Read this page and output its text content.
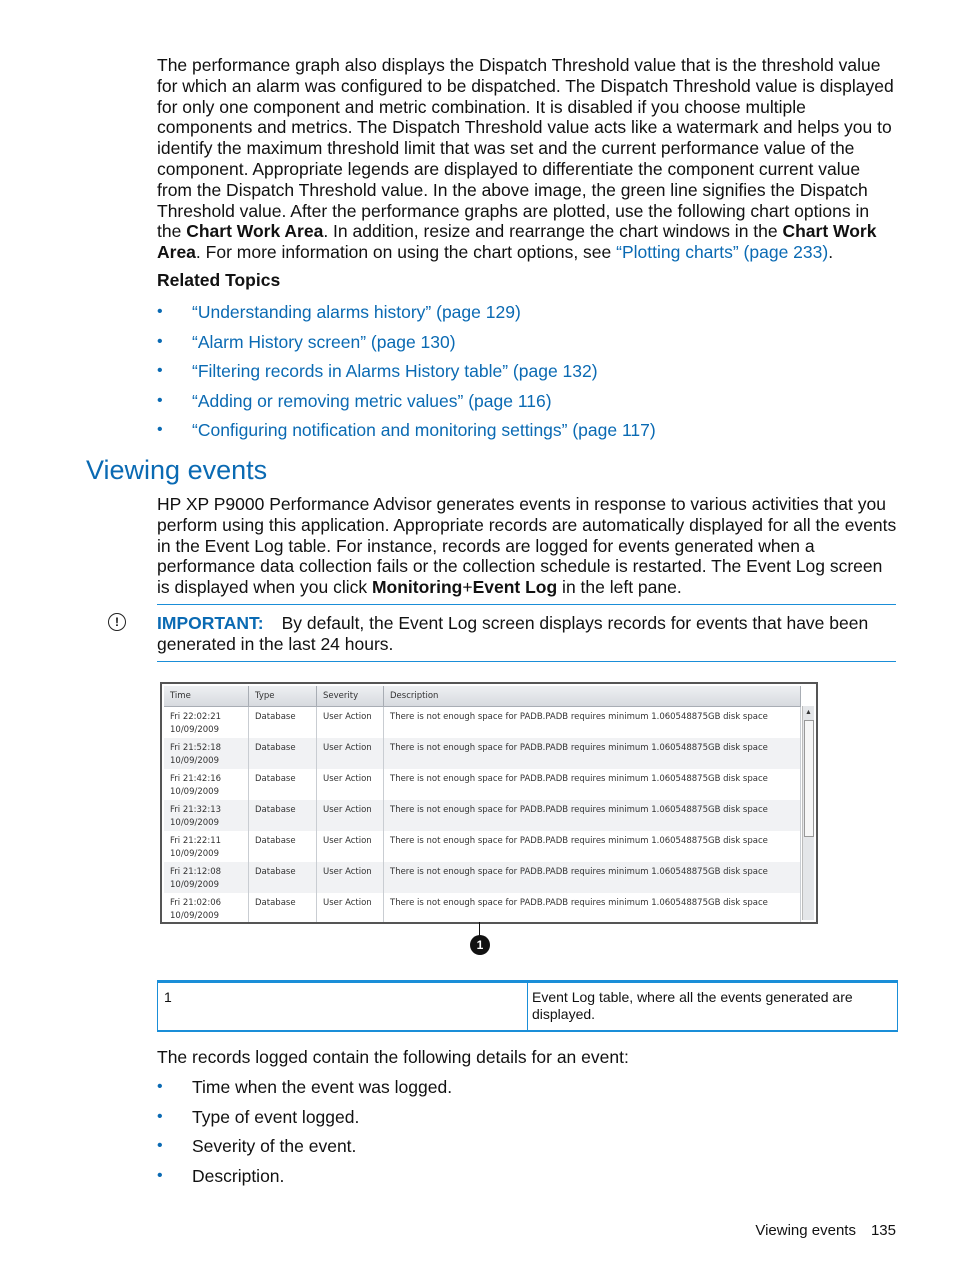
The performance graph also displays the Dispatch Threshold value that is the threshold value for which an alarm was configured to be dispatched. The Dispatch Threshold value is displayed for only one component and metric combination. It is disabled if you choose multiple components and metrics. The Dispatch Threshold value acts like a watermark and helps you to identify the maximum threshold limit that was set and the current performance value of the component. Appropriate legends are displayed to differentiate the component current value from the Dispatch Threshold value. In the above image, the green line signifies the Dispatch Threshold value. After the performance graphs are plotted, use the following chart options in the Chart Work Area. In addition, resize and rearrange the chart windows in the Chart Work Area. For more information on using the chart options, see “Plotting charts” (page 233).
Related Topics
• “Understanding alarms history” (page 129)
• “Alarm History screen” (page 130)
• “Filtering records in Alarms History table” (page 132)
• “Adding or removing metric values” (page 116)
• “Configuring notification and monitoring settings” (page 117)
Viewing events
HP XP P9000 Performance Advisor generates events in response to various activities that you perform using this application. Appropriate records are automatically displayed for all the events in the Event Log table. For instance, records are logged for events generated when a performance data collection fails or the collection schedule is restarted. The Event Log screen is displayed when you click Monitoring+Event Log in the left pane.
!	IMPORTANT: By default, the Event Log screen displays records for events that have been generated in the last 24 hours.
Time	Type	Severity	Description

Fri 22:02:21
10/09/2009	Database	User Action	There is not enough space for PADB.PADB requires minimum 1.060548875GB disk space

Fri 21:52:18
10/09/2009	Database	User Action	There is not enough space for PADB.PADB requires minimum 1.060548875GB disk space

Fri 21:42:16
10/09/2009	Database	User Action	There is not enough space for PADB.PADB requires minimum 1.060548875GB disk space

Fri 21:32:13
10/09/2009	Database	User Action	There is not enough space for PADB.PADB requires minimum 1.060548875GB disk space

Fri 21:22:11
10/09/2009	Database	User Action	There is not enough space for PADB.PADB requires minimum 1.060548875GB disk space

Fri 21:12:08
10/09/2009	Database	User Action	There is not enough space for PADB.PADB requires minimum 1.060548875GB disk space

Fri 21:02:06
10/09/2009	Database	User Action	There is not enough space for PADB.PADB requires minimum 1.060548875GB disk space
▲
1
1	Event Log table, where all the events generated are displayed.
The records logged contain the following details for an event:
• Time when the event was logged.
• Type of event logged.
• Severity of the event.
• Description.
Viewing events 135
